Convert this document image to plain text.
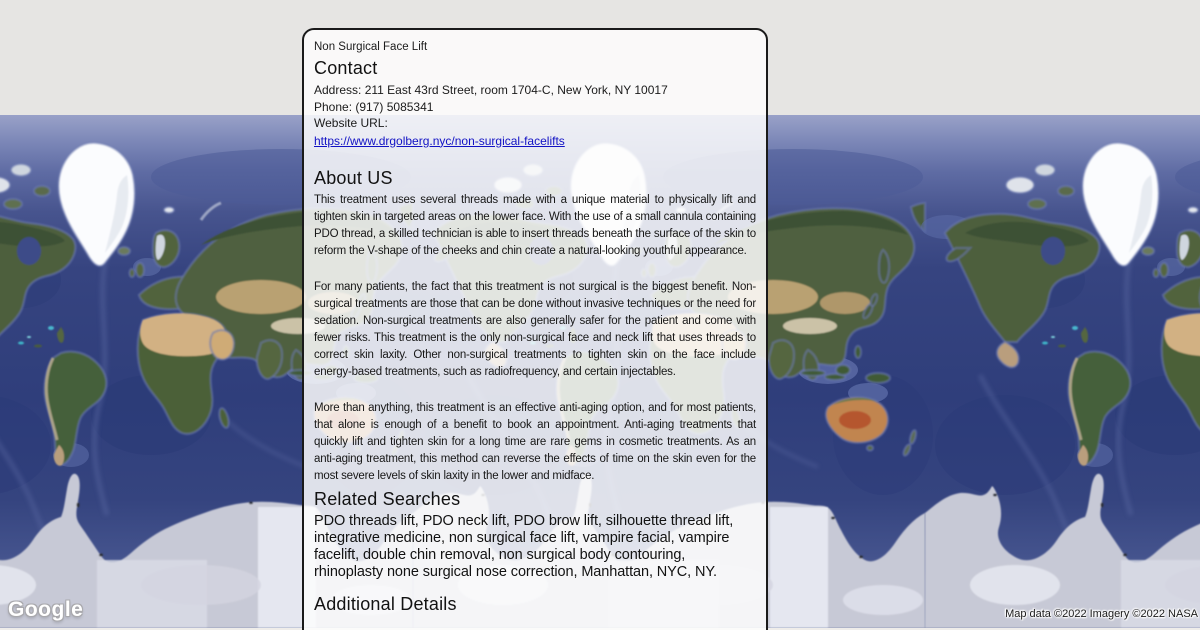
Google	Map data ©2022 Imagery ©2022 NASA
Non Surgical Face Lift
Contact
Address: 211 East 43rd Street, room 1704-C, New York, NY 10017
Phone: (917) 5085341
Website URL:
https://www.drgolberg.nyc/non-surgical-facelifts
About US

This treatment uses several threads made with a unique material to physically lift and tighten skin in targeted areas on the lower face. With the use of a small cannula containing PDO thread, a skilled technician is able to insert threads beneath the surface of the skin to reform the V-shape of the cheeks and chin create a natural-looking youthful appearance.

For many patients, the fact that this treatment is not surgical is the biggest benefit. Non-surgical treatments are those that can be done without invasive techniques or the need for sedation. Non-surgical treatments are also generally safer for the patient and come with fewer risks. This treatment is the only non-surgical face and neck lift that uses threads to correct skin laxity. Other non-surgical treatments to tighten skin on the face include energy-based treatments, such as radiofrequency, and certain injectables.

More than anything, this treatment is an effective anti-aging option, and for most patients, that alone is enough of a benefit to book an appointment. Anti-aging treatments that quickly lift and tighten skin for a long time are rare gems in cosmetic treatments. As an anti-aging treatment, this method can reverse the effects of time on the skin even for the most severe levels of skin laxity in the lower and midface.

Related Searches

PDO threads lift, PDO neck lift, PDO brow lift, silhouette thread lift, integrative medicine, non surgical face lift, vampire facial, vampire facelift, double chin removal, non surgical body contouring, rhinoplasty none surgical nose correction, Manhattan, NYC, NY.

Additional Details
